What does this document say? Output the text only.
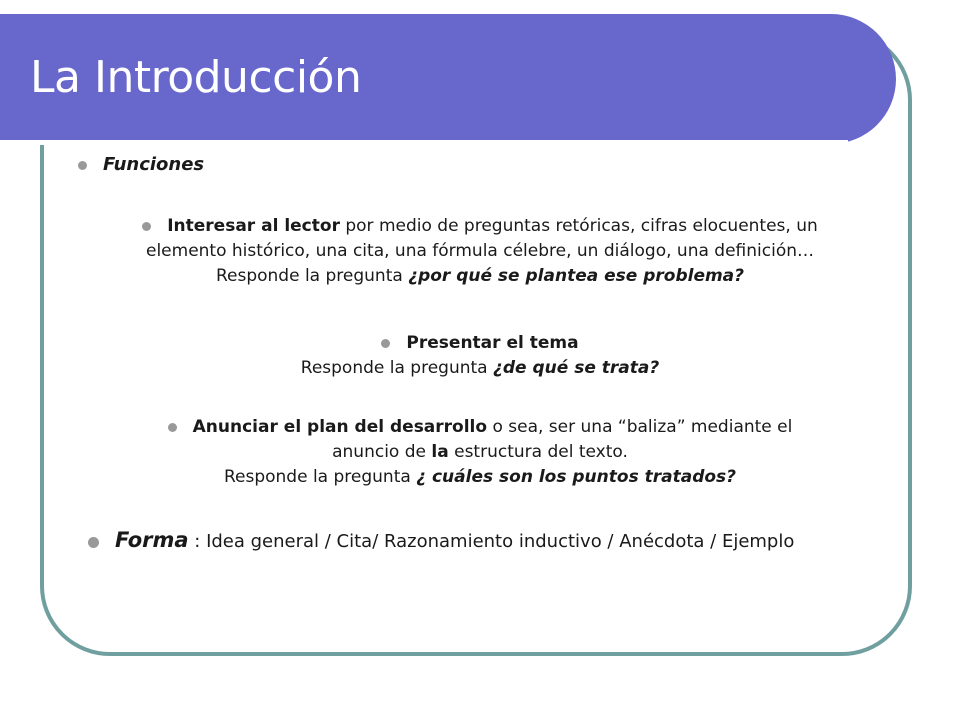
La Introducción
Funciones
Interesar al lector por medio de preguntas retóricas, cifras elocuentes, un
elemento histórico, una cita, una fórmula célebre, un diálogo, una definición…
Responde la pregunta ¿por qué se plantea ese problema?
Presentar el tema
Responde la pregunta ¿de qué se trata?
Anunciar el plan del desarrollo o sea, ser una “baliza” mediante el
anuncio de la estructura del texto.
Responde la pregunta ¿ cuáles son los puntos tratados?
Forma : Idea general / Cita/ Razonamiento inductivo / Anécdota / Ejemplo
